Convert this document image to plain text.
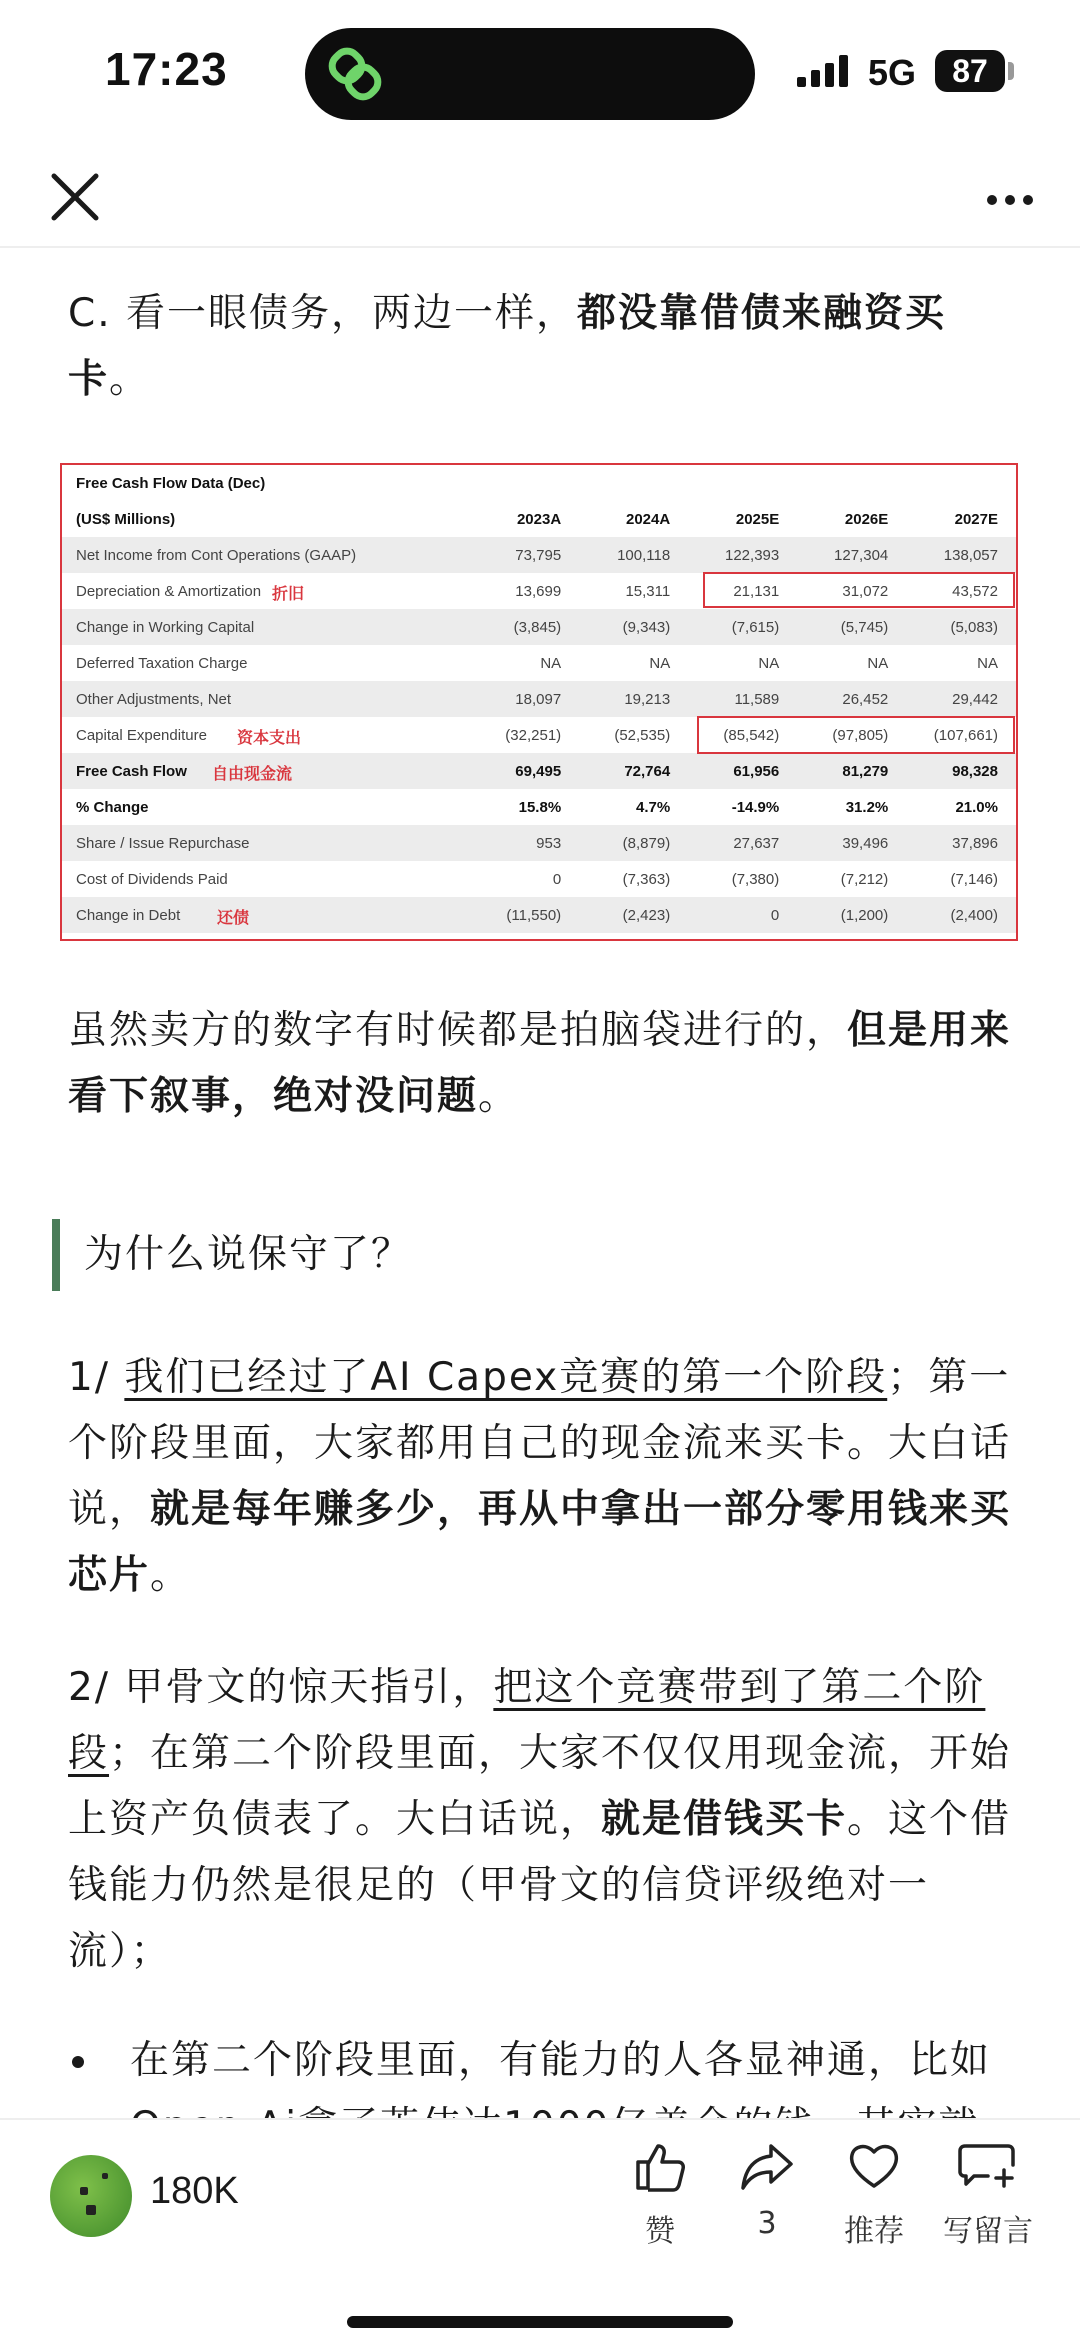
17:23	5G	87

C. 看一眼债务，两边一样，都没靠借债来融资买卡。

Free Cash Flow Data (Dec)					
(US$ Millions)	2023A	2024A	2025E	2026E	2027E
Net Income from Cont Operations (GAAP)	73,795	100,118	122,393	127,304	138,057
Depreciation & Amortization 折旧	13,699	15,311	21,131	31,072	43,572
Change in Working Capital	(3,845)	(9,343)	(7,615)	(5,745)	(5,083)
Deferred Taxation Charge	NA	NA	NA	NA	NA
Other Adjustments, Net	18,097	19,213	11,589	26,452	29,442
Capital Expenditure 资本支出	(32,251)	(52,535)	(85,542)	(97,805)	(107,661)
Free Cash Flow 自由现金流	69,495	72,764	61,956	81,279	98,328
% Change	15.8%	4.7%	-14.9%	31.2%	21.0%
Share / Issue Repurchase	953	(8,879)	27,637	39,496	37,896
Cost of Dividends Paid	0	(7,363)	(7,380)	(7,212)	(7,146)
Change in Debt 还债	(11,550)	(2,423)	0	(1,200)	(2,400)

虽然卖方的数字有时候都是拍脑袋进行的，但是用来看下叙事，绝对没问题。

为什么说保守了？

1/ 我们已经过了AI Capex竞赛的第一个阶段；第一个阶段里面，大家都用自己的现金流来买卡。大白话说，就是每年赚多少，再从中拿出一部分零用钱来买芯片。

2/ 甲骨文的惊天指引，把这个竞赛带到了第二个阶段；在第二个阶段里面，大家不仅仅用现金流，开始上资产负债表了。大白话说，就是借钱买卡。这个借钱能力仍然是很足的（甲骨文的信贷评级绝对一流）；

在第二个阶段里面，有能力的人各显神通，比如

180K
赞	3	推荐	写留言
